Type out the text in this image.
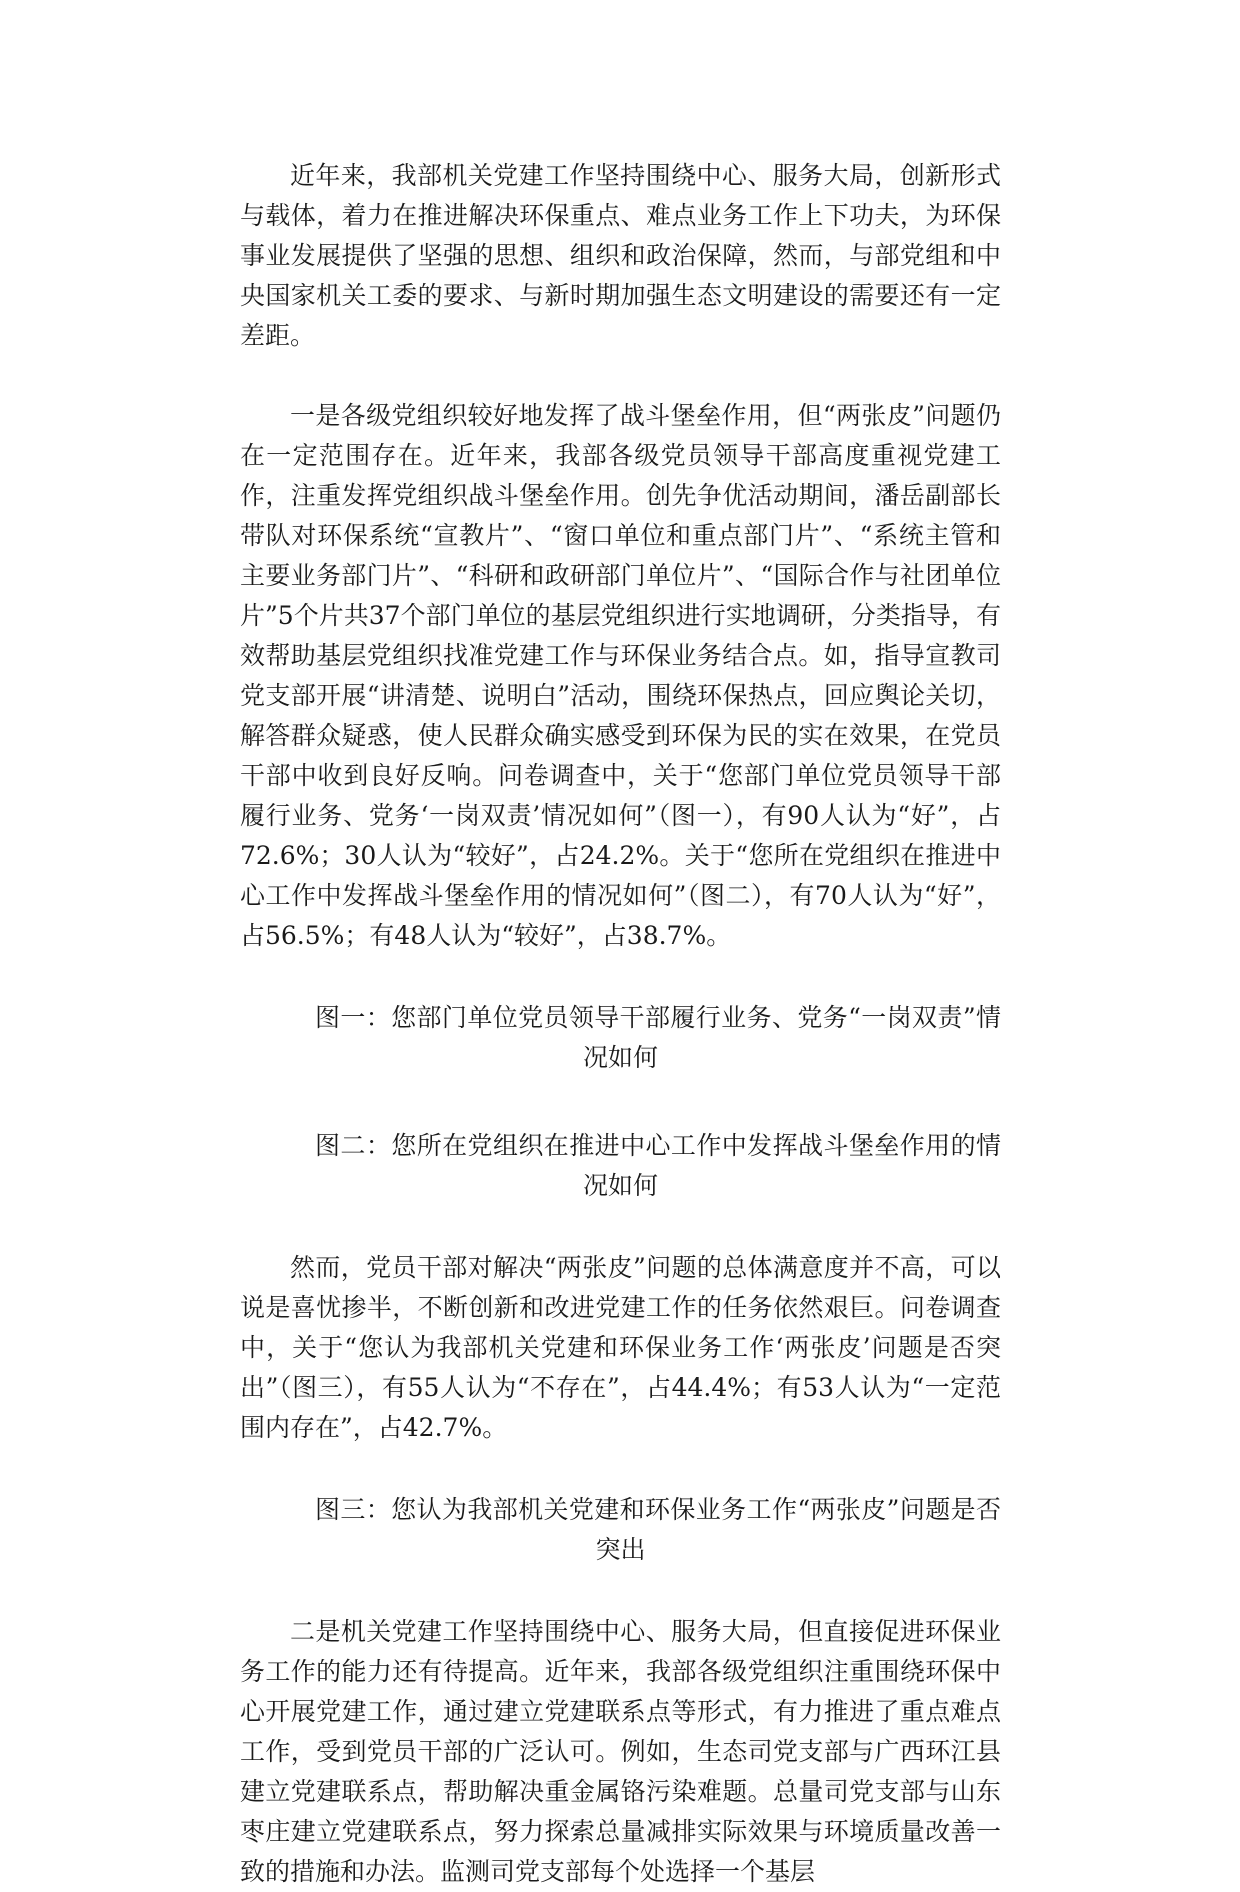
近年来，我部机关党建工作坚持围绕中心、服务大局，创新形式与载体，着力在推进解决环保重点、难点业务工作上下功夫，为环保事业发展提供了坚强的思想、组织和政治保障，然而，与部党组和中央国家机关工委的要求、与新时期加强生态文明建设的需要还有一定差距。

一是各级党组织较好地发挥了战斗堡垒作用，但“两张皮”问题仍在一定范围存在。近年来，我部各级党员领导干部高度重视党建工作，注重发挥党组织战斗堡垒作用。创先争优活动期间，潘岳副部长带队对环保系统“宣教片”、“窗口单位和重点部门片”、“系统主管和主要业务部门片”、“科研和政研部门单位片”、“国际合作与社团单位片”5个片共37个部门单位的基层党组织进行实地调研，分类指导，有效帮助基层党组织找准党建工作与环保业务结合点。如，指导宣教司党支部开展“讲清楚、说明白”活动，围绕环保热点，回应舆论关切，解答群众疑惑，使人民群众确实感受到环保为民的实在效果，在党员干部中收到良好反响。问卷调查中，关于“您部门单位党员领导干部履行业务、党务‘一岗双责’情况如何”（图一），有90人认为“好”，占72.6%；30人认为“较好”，占24.2%。关于“您所在党组织在推进中心工作中发挥战斗堡垒作用的情况如何”（图二），有70人认为“好”，占56.5%；有48人认为“较好”，占38.7%。

图一：您部门单位党员领导干部履行业务、党务“一岗双责”情况如何

图二：您所在党组织在推进中心工作中发挥战斗堡垒作用的情况如何

然而，党员干部对解决“两张皮”问题的总体满意度并不高，可以说是喜忧掺半，不断创新和改进党建工作的任务依然艰巨。问卷调查中，关于“您认为我部机关党建和环保业务工作‘两张皮’问题是否突出”（图三），有55人认为“不存在”，占44.4%；有53人认为“一定范围内存在”，占42.7%。

图三：您认为我部机关党建和环保业务工作“两张皮”问题是否突出

二是机关党建工作坚持围绕中心、服务大局，但直接促进环保业务工作的能力还有待提高。近年来，我部各级党组织注重围绕环保中心开展党建工作，通过建立党建联系点等形式，有力推进了重点难点工作，受到党员干部的广泛认可。例如，生态司党支部与广西环江县建立党建联系点，帮助解决重金属铬污染难题。总量司党支部与山东枣庄建立党建联系点，努力探索总量减排实际效果与环境质量改善一致的措施和办法。监测司党支部每个处选择一个基层
